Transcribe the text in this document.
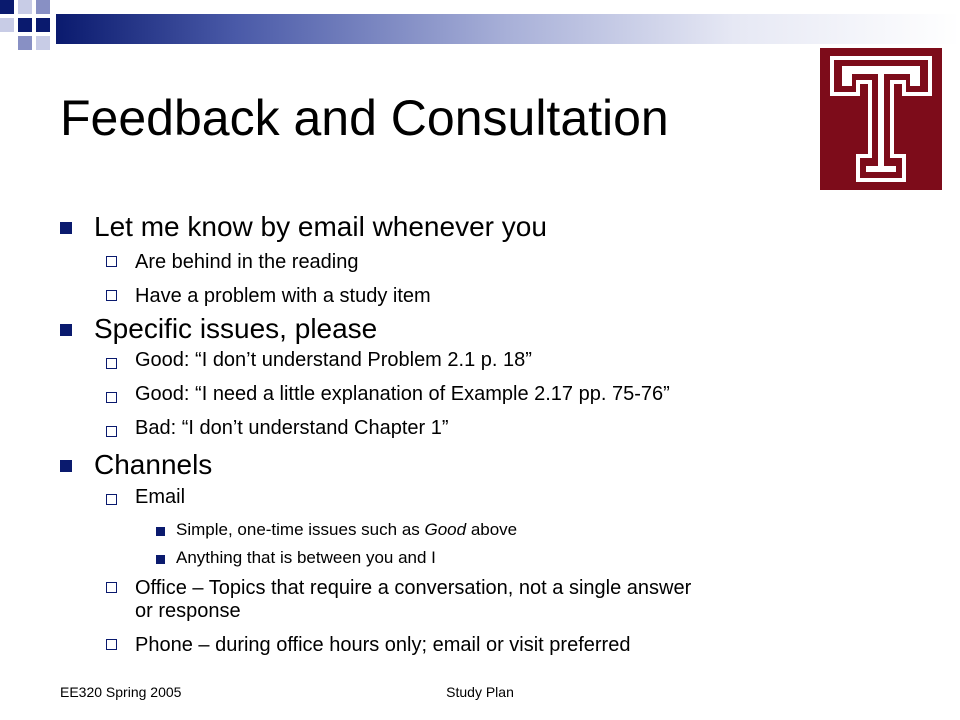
Feedback and Consultation
Let me know by email whenever you
Are behind in the reading
Have a problem with a study item
Specific issues, please
Good: “I don’t understand Problem 2.1 p. 18”
Good: “I need a little explanation of Example 2.17 pp. 75-76”
Bad: “I don’t understand Chapter 1”
Channels
Email
Simple, one-time issues such as Good above
Anything that is between you and I
Office – Topics that require a conversation, not a single answer
or response
Phone – during office hours only; email or visit preferred
EE320 Spring 2005	Study Plan
